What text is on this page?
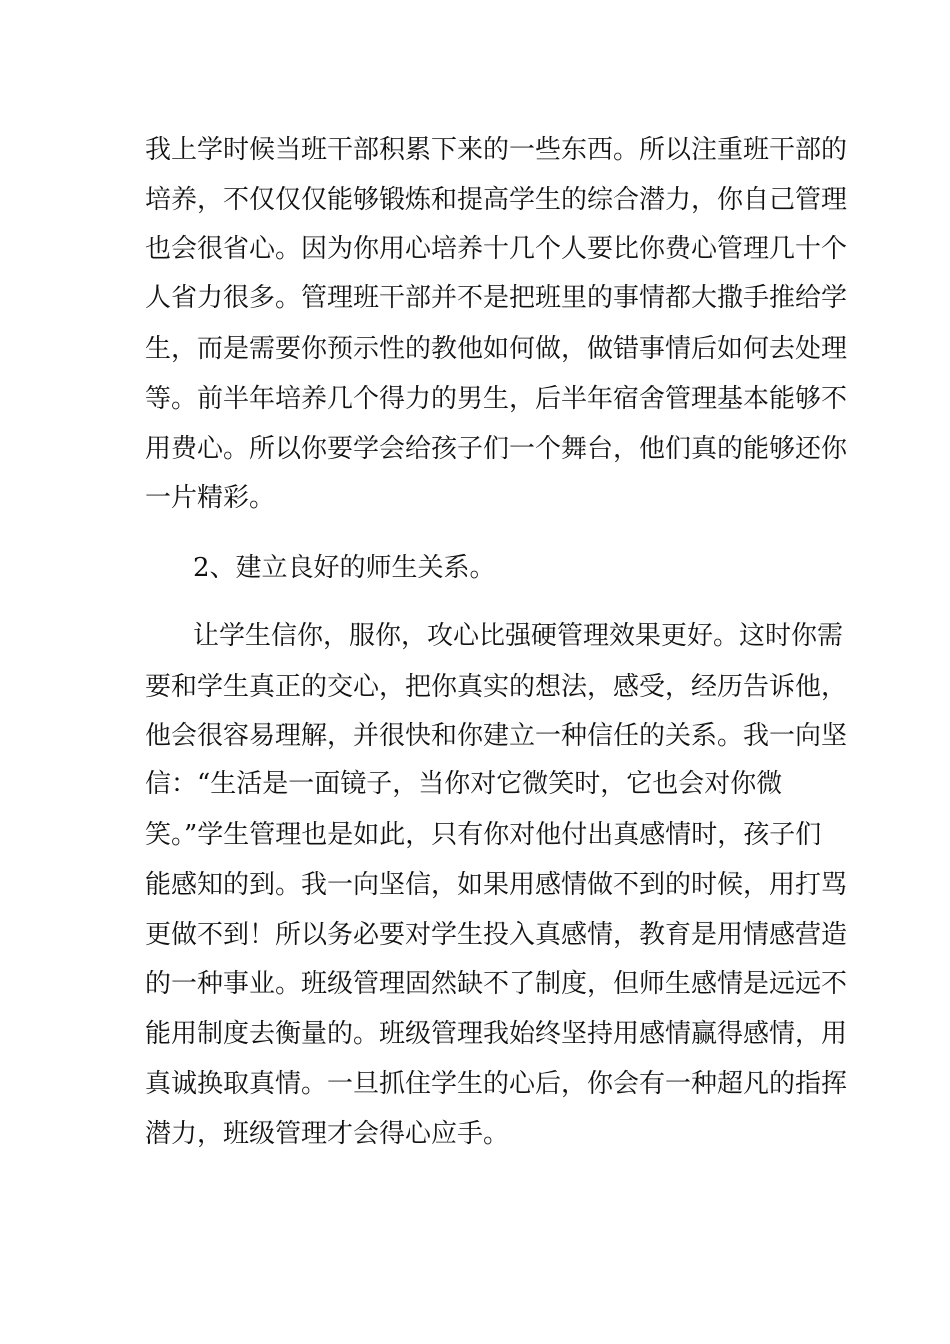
我上学时候当班干部积累下来的一些东西。所以注重班干部的
培养，不仅仅仅能够锻炼和提高学生的综合潜力，你自己管理
也会很省心。因为你用心培养十几个人要比你费心管理几十个
人省力很多。管理班干部并不是把班里的事情都大撒手推给学
生，而是需要你预示性的教他如何做，做错事情后如何去处理
等。前半年培养几个得力的男生，后半年宿舍管理基本能够不
用费心。所以你要学会给孩子们一个舞台，他们真的能够还你
一片精彩。
2、建立良好的师生关系。
让学生信你，服你，攻心比强硬管理效果更好。这时你需
要和学生真正的交心，把你真实的想法，感受，经历告诉他，
他会很容易理解，并很快和你建立一种信任的关系。我一向坚
信：“生活是一面镜子，当你对它微笑时，它也会对你微
笑。”学生管理也是如此，只有你对他付出真感情时，孩子们
能感知的到。我一向坚信，如果用感情做不到的时候，用打骂
更做不到！所以务必要对学生投入真感情，教育是用情感营造
的一种事业。班级管理固然缺不了制度，但师生感情是远远不
能用制度去衡量的。班级管理我始终坚持用感情赢得感情，用
真诚换取真情。一旦抓住学生的心后，你会有一种超凡的指挥
潜力，班级管理才会得心应手。
